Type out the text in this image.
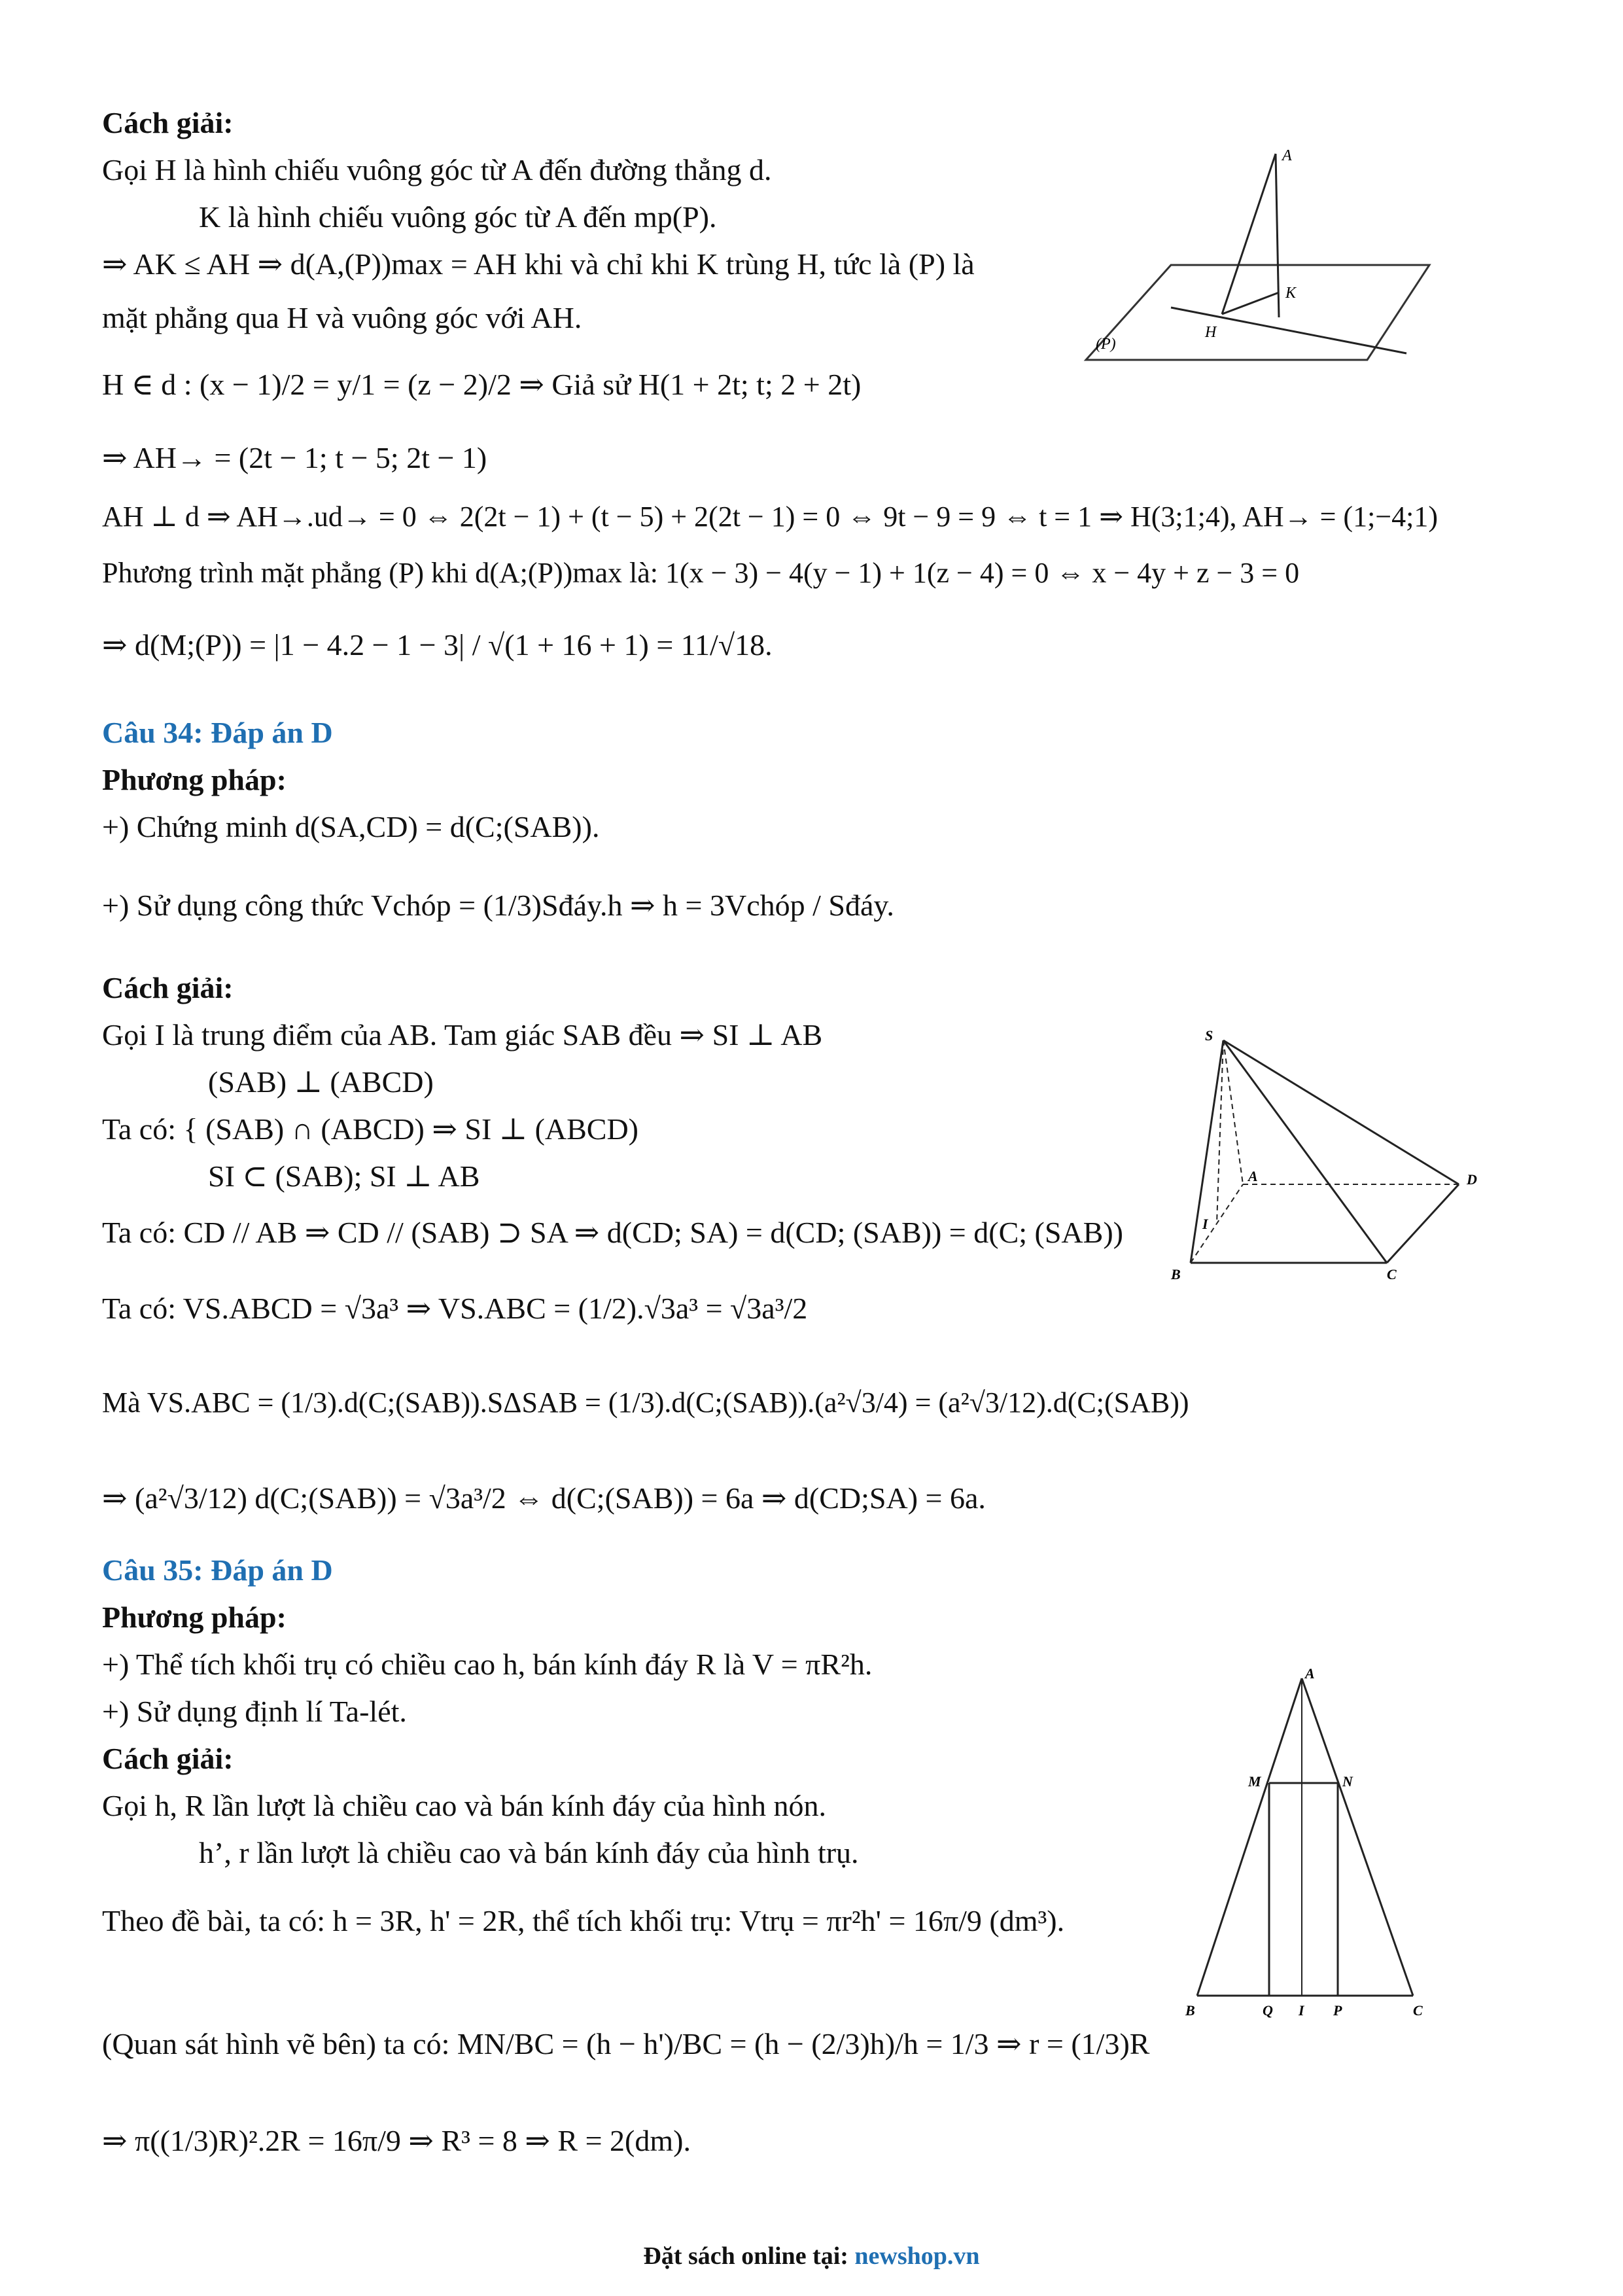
Cách giải:
Gọi H là hình chiếu vuông góc từ A đến đường thẳng d.
K là hình chiếu vuông góc từ A đến mp(P).
⇒ AK ≤ AH ⇒ d(A,(P))max = AH khi và chỉ khi K trùng H, tức là (P) là
mặt phẳng qua H và vuông góc với AH.
H ∈ d : (x − 1)/2 = y/1 = (z − 2)/2 ⇒ Giả sử H(1 + 2t; t; 2 + 2t)
⇒ AH→ = (2t − 1; t − 5; 2t − 1)
AH ⊥ d ⇒ AH→.ud→ = 0 ⇔ 2(2t − 1) + (t − 5) + 2(2t − 1) = 0 ⇔ 9t − 9 = 9 ⇔ t = 1 ⇒ H(3;1;4), AH→ = (1;−4;1)
Phương trình mặt phẳng (P) khi d(A;(P))max là: 1(x − 3) − 4(y − 1) + 1(z − 4) = 0 ⇔ x − 4y + z − 3 = 0
⇒ d(M;(P)) = |1 − 4.2 − 1 − 3| / √(1 + 16 + 1) = 11/√18.
Câu 34: Đáp án D
Phương pháp:
+) Chứng minh d(SA,CD) = d(C;(SAB)).
+) Sử dụng công thức Vchóp = (1/3)Sđáy.h ⇒ h = 3Vchóp / Sđáy.
Cách giải:
Gọi I là trung điểm của AB. Tam giác SAB đều ⇒ SI ⊥ AB
(SAB) ⊥ (ABCD)
Ta có: { (SAB) ∩ (ABCD) ⇒ SI ⊥ (ABCD)
SI ⊂ (SAB); SI ⊥ AB
Ta có: CD // AB ⇒ CD // (SAB) ⊃ SA ⇒ d(CD; SA) = d(CD; (SAB)) = d(C; (SAB))
Ta có: VS.ABCD = √3a³ ⇒ VS.ABC = (1/2).√3a³ = √3a³/2
Mà VS.ABC = (1/3).d(C;(SAB)).SΔSAB = (1/3).d(C;(SAB)).(a²√3/4) = (a²√3/12).d(C;(SAB))
⇒ (a²√3/12) d(C;(SAB)) = √3a³/2 ⇔ d(C;(SAB)) = 6a ⇒ d(CD;SA) = 6a.
Câu 35: Đáp án D
Phương pháp:
+) Thể tích khối trụ có chiều cao h, bán kính đáy R là V = πR²h.
+) Sử dụng định lí Ta-lét.
Cách giải:
Gọi h, R lần lượt là chiều cao và bán kính đáy của hình nón.
h’, r lần lượt là chiều cao và bán kính đáy của hình trụ.
Theo đề bài, ta có: h = 3R, h' = 2R, thể tích khối trụ: Vtrụ = πr²h' = 16π/9 (dm³).
(Quan sát hình vẽ bên) ta có: MN/BC = (h − h')/BC = (h − (2/3)h)/h = 1/3 ⇒ r = (1/3)R
⇒ π((1/3)R)².2R = 16π/9 ⇒ R³ = 8 ⇒ R = 2(dm).
A
K
H
(P)
S
A	D
I
B	C
A
M	N
B	Q I P	C
Đặt sách online tại: newshop.vn
